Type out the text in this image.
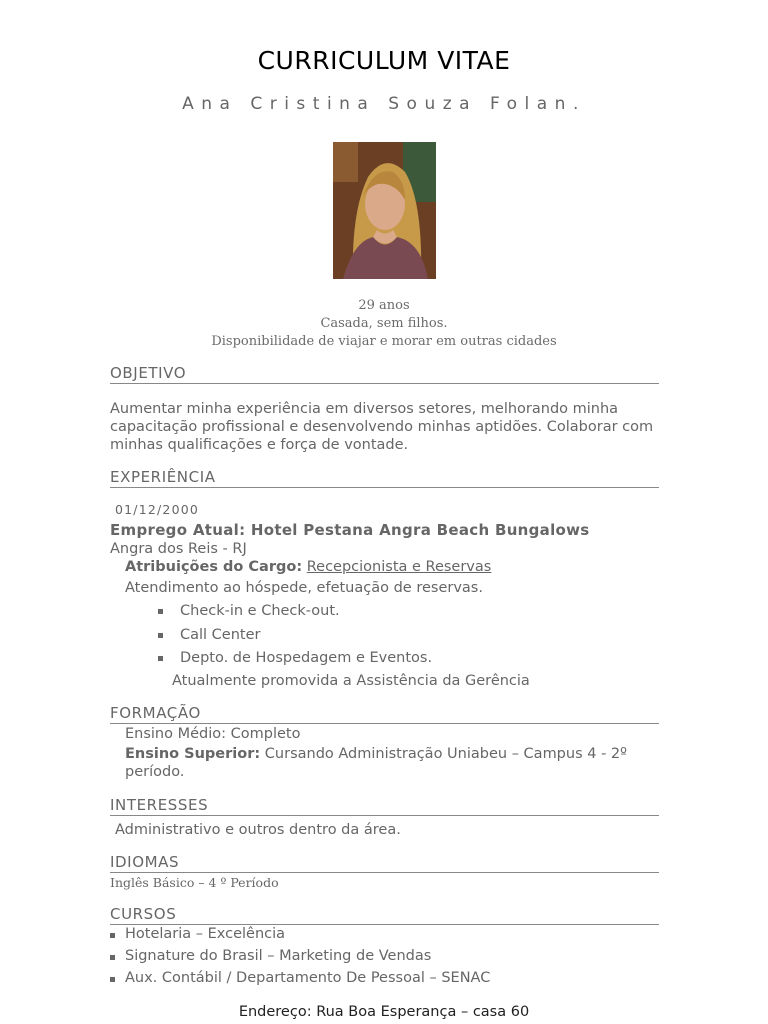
CURRICULUM VITAE
Ana Cristina Souza Folan.
29 anos
Casada, sem filhos.
Disponibilidade de viajar e morar em outras cidades
OBJETIVO
Aumentar minha experiência em diversos setores, melhorando minha capacitação profissional e desenvolvendo minhas aptidões. Colaborar com minhas qualificações e força de vontade.
EXPERIÊNCIA
01/12/2000
Emprego Atual: Hotel Pestana Angra Beach Bungalows
Angra dos Reis - RJ
Atribuições do Cargo: Recepcionista e Reservas
Atendimento ao hóspede, efetuação de reservas.
Check-in e Check-out.
Call Center
Depto. de Hospedagem e Eventos.
Atualmente promovida a Assistência da Gerência
FORMAÇÃO
Ensino Médio: Completo
Ensino Superior: Cursando Administração Uniabeu – Campus 4 - 2º período.
INTERESSES
Administrativo e outros dentro da área.
IDIOMAS
Inglês Básico – 4 º Período
CURSOS
Hotelaria – Excelência
Signature do Brasil – Marketing de Vendas
Aux. Contábil / Departamento De Pessoal – SENAC
Endereço: Rua Boa Esperança – casa 60
